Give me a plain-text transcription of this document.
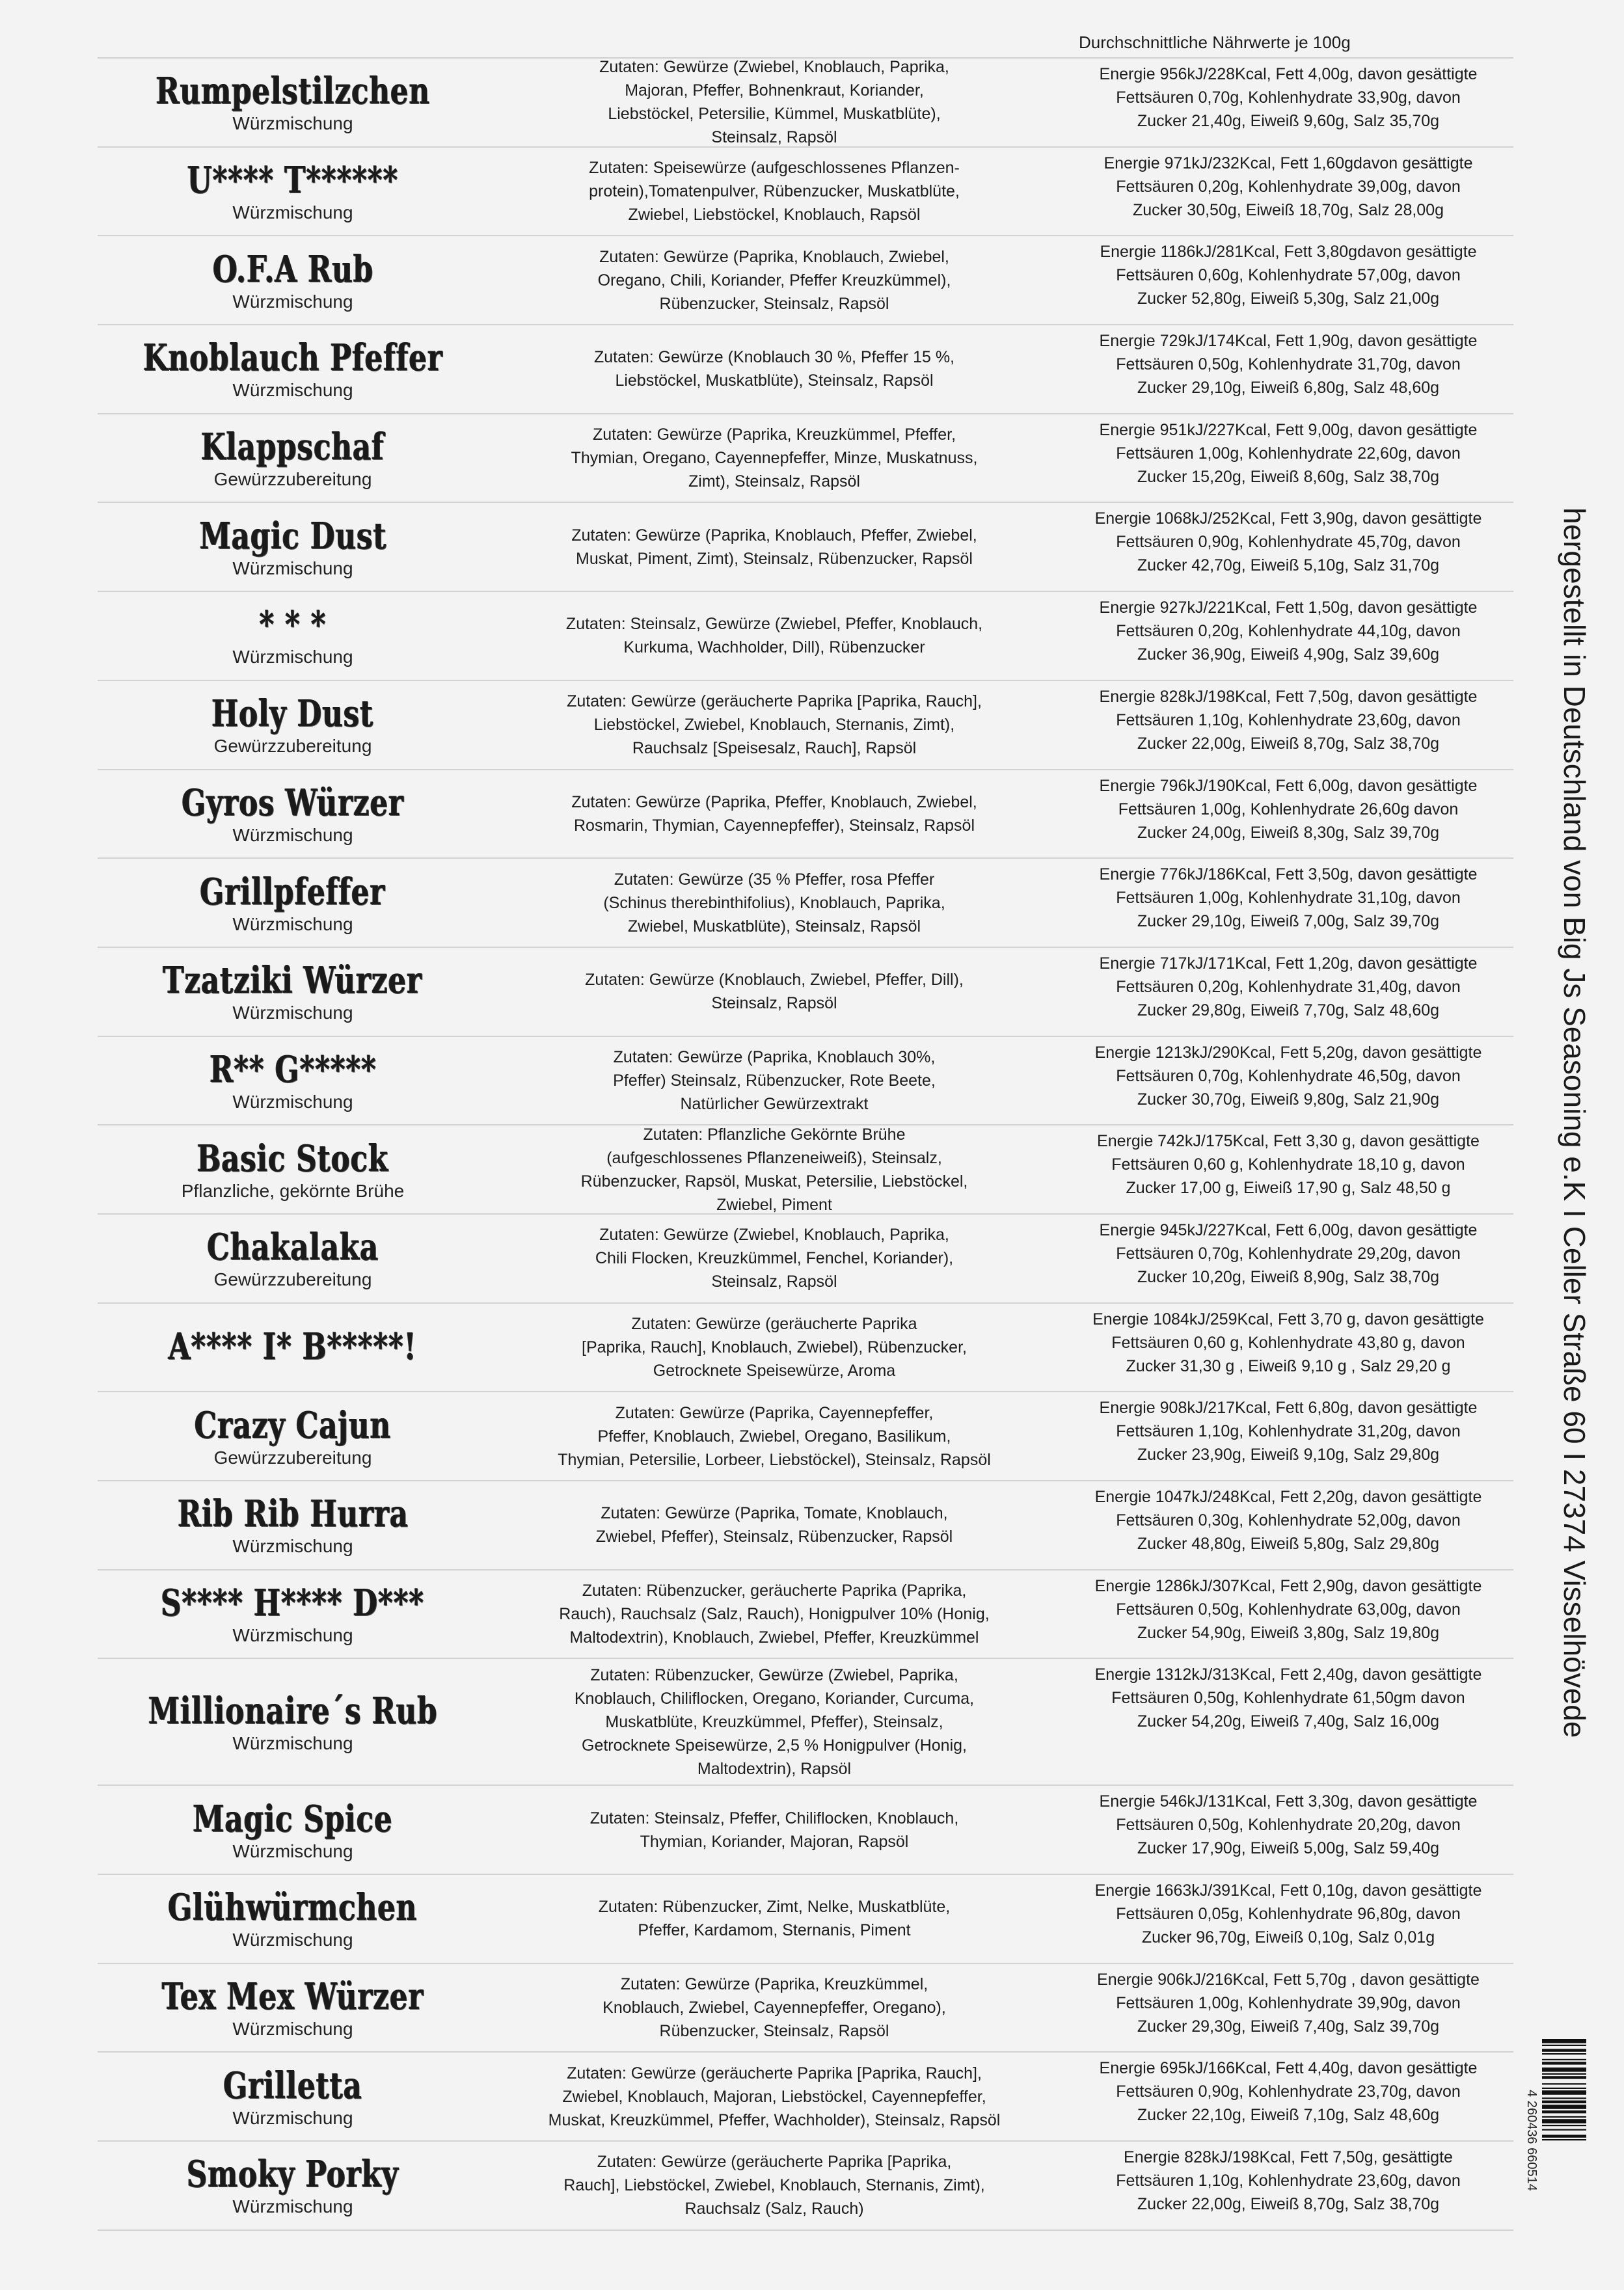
Durchschnittliche Nährwerte je 100g
Rumpelstilzchen
Würzmischung
Zutaten: Gewürze (Zwiebel, Knoblauch, Paprika,
Majoran, Pfeffer, Bohnenkraut, Koriander,
Liebstöckel, Petersilie, Kümmel, Muskatblüte),
Steinsalz, Rapsöl
Energie 956kJ/228Kcal, Fett 4,00g, davon gesättigte
Fettsäuren 0,70g, Kohlenhydrate 33,90g, davon
Zucker 21,40g, Eiweiß 9,60g, Salz 35,70g
U**** T******
Würzmischung
Zutaten: Speisewürze (aufgeschlossenes Pflanzen-
protein),Tomatenpulver, Rübenzucker, Muskatblüte,
Zwiebel, Liebstöckel, Knoblauch, Rapsöl
Energie 971kJ/232Kcal, Fett 1,60gdavon gesättigte
Fettsäuren 0,20g, Kohlenhydrate 39,00g, davon
Zucker 30,50g, Eiweiß 18,70g, Salz 28,00g
O.F.A Rub
Würzmischung
Zutaten: Gewürze (Paprika, Knoblauch, Zwiebel,
Oregano, Chili, Koriander, Pfeffer Kreuzkümmel),
Rübenzucker, Steinsalz, Rapsöl
Energie 1186kJ/281Kcal, Fett 3,80gdavon gesättigte
Fettsäuren 0,60g, Kohlenhydrate 57,00g, davon
Zucker 52,80g, Eiweiß 5,30g, Salz 21,00g
Knoblauch Pfeffer
Würzmischung
Zutaten: Gewürze (Knoblauch 30 %, Pfeffer 15 %,
Liebstöckel, Muskatblüte), Steinsalz, Rapsöl
Energie 729kJ/174Kcal, Fett 1,90g, davon gesättigte
Fettsäuren 0,50g, Kohlenhydrate 31,70g, davon
Zucker 29,10g, Eiweiß 6,80g, Salz 48,60g
Klappschaf
Gewürzzubereitung
Zutaten: Gewürze (Paprika, Kreuzkümmel, Pfeffer,
Thymian, Oregano, Cayennepfeffer, Minze, Muskatnuss,
Zimt), Steinsalz, Rapsöl
Energie 951kJ/227Kcal, Fett 9,00g, davon gesättigte
Fettsäuren 1,00g, Kohlenhydrate 22,60g, davon
Zucker 15,20g, Eiweiß 8,60g, Salz 38,70g
Magic Dust
Würzmischung
Zutaten: Gewürze (Paprika, Knoblauch, Pfeffer, Zwiebel,
Muskat, Piment, Zimt), Steinsalz, Rübenzucker, Rapsöl
Energie 1068kJ/252Kcal, Fett 3,90g, davon gesättigte
Fettsäuren 0,90g, Kohlenhydrate 45,70g, davon
Zucker 42,70g, Eiweiß 5,10g, Salz 31,70g
* * *
Würzmischung
Zutaten: Steinsalz, Gewürze (Zwiebel, Pfeffer, Knoblauch,
Kurkuma, Wachholder, Dill), Rübenzucker
Energie 927kJ/221Kcal, Fett 1,50g, davon gesättigte
Fettsäuren 0,20g, Kohlenhydrate 44,10g, davon
Zucker 36,90g, Eiweiß 4,90g, Salz 39,60g
Holy Dust
Gewürzzubereitung
Zutaten: Gewürze (geräucherte Paprika [Paprika, Rauch],
Liebstöckel, Zwiebel, Knoblauch, Sternanis, Zimt),
Rauchsalz [Speisesalz, Rauch], Rapsöl
Energie 828kJ/198Kcal, Fett 7,50g, davon gesättigte
Fettsäuren 1,10g, Kohlenhydrate 23,60g, davon
Zucker 22,00g, Eiweiß 8,70g, Salz 38,70g
Gyros Würzer
Würzmischung
Zutaten: Gewürze (Paprika, Pfeffer, Knoblauch, Zwiebel,
Rosmarin, Thymian, Cayennepfeffer), Steinsalz, Rapsöl
Energie 796kJ/190Kcal, Fett 6,00g, davon gesättigte
Fettsäuren 1,00g, Kohlenhydrate 26,60g davon
Zucker 24,00g, Eiweiß 8,30g, Salz 39,70g
Grillpfeffer
Würzmischung
Zutaten: Gewürze (35 % Pfeffer, rosa Pfeffer
(Schinus therebinthifolius), Knoblauch, Paprika,
Zwiebel, Muskatblüte), Steinsalz, Rapsöl
Energie 776kJ/186Kcal, Fett 3,50g, davon gesättigte
Fettsäuren 1,00g, Kohlenhydrate 31,10g, davon
Zucker 29,10g, Eiweiß 7,00g, Salz 39,70g
Tzatziki Würzer
Würzmischung
Zutaten: Gewürze (Knoblauch, Zwiebel, Pfeffer, Dill),
Steinsalz, Rapsöl
Energie 717kJ/171Kcal, Fett 1,20g, davon gesättigte
Fettsäuren 0,20g, Kohlenhydrate 31,40g, davon
Zucker 29,80g, Eiweiß 7,70g, Salz 48,60g
R** G*****
Würzmischung
Zutaten: Gewürze (Paprika, Knoblauch 30%,
Pfeffer) Steinsalz, Rübenzucker, Rote Beete,
Natürlicher Gewürzextrakt
Energie 1213kJ/290Kcal, Fett 5,20g, davon gesättigte
Fettsäuren 0,70g, Kohlenhydrate 46,50g, davon
Zucker 30,70g, Eiweiß 9,80g, Salz 21,90g
Basic Stock
Pflanzliche, gekörnte Brühe
Zutaten: Pflanzliche Gekörnte Brühe
(aufgeschlossenes Pflanzeneiweiß), Steinsalz,
Rübenzucker, Rapsöl, Muskat, Petersilie, Liebstöckel,
Zwiebel, Piment
Energie 742kJ/175Kcal, Fett 3,30 g, davon gesättigte
Fettsäuren 0,60 g, Kohlenhydrate 18,10 g, davon
Zucker 17,00 g, Eiweiß 17,90 g, Salz 48,50 g
Chakalaka
Gewürzzubereitung
Zutaten: Gewürze (Zwiebel, Knoblauch, Paprika,
Chili Flocken, Kreuzkümmel, Fenchel, Koriander),
Steinsalz, Rapsöl
Energie 945kJ/227Kcal, Fett 6,00g, davon gesättigte
Fettsäuren 0,70g, Kohlenhydrate 29,20g, davon
Zucker 10,20g, Eiweiß 8,90g, Salz 38,70g
A**** I* B*****!
Zutaten: Gewürze (geräucherte Paprika
[Paprika, Rauch], Knoblauch, Zwiebel), Rübenzucker,
Getrocknete Speisewürze, Aroma
Energie 1084kJ/259Kcal, Fett 3,70 g, davon gesättigte
Fettsäuren 0,60 g, Kohlenhydrate 43,80 g, davon
Zucker 31,30 g , Eiweiß 9,10 g , Salz 29,20 g
Crazy Cajun
Gewürzzubereitung
Zutaten: Gewürze (Paprika, Cayennepfeffer,
Pfeffer, Knoblauch, Zwiebel, Oregano, Basilikum,
Thymian, Petersilie, Lorbeer, Liebstöckel), Steinsalz, Rapsöl
Energie 908kJ/217Kcal, Fett 6,80g, davon gesättigte
Fettsäuren 1,10g, Kohlenhydrate 31,20g, davon
Zucker 23,90g, Eiweiß 9,10g, Salz 29,80g
Rib Rib Hurra
Würzmischung
Zutaten: Gewürze (Paprika, Tomate, Knoblauch,
Zwiebel, Pfeffer), Steinsalz, Rübenzucker, Rapsöl
Energie 1047kJ/248Kcal, Fett 2,20g, davon gesättigte
Fettsäuren 0,30g, Kohlenhydrate 52,00g, davon
Zucker 48,80g, Eiweiß 5,80g, Salz 29,80g
S**** H**** D***
Würzmischung
Zutaten: Rübenzucker, geräucherte Paprika (Paprika,
Rauch), Rauchsalz (Salz, Rauch), Honigpulver 10% (Honig,
Maltodextrin), Knoblauch, Zwiebel, Pfeffer, Kreuzkümmel
Energie 1286kJ/307Kcal, Fett 2,90g, davon gesättigte
Fettsäuren 0,50g, Kohlenhydrate 63,00g, davon
Zucker 54,90g, Eiweiß 3,80g, Salz 19,80g
Millionaire´s Rub
Würzmischung
Zutaten: Rübenzucker, Gewürze (Zwiebel, Paprika,
Knoblauch, Chiliflocken, Oregano, Koriander, Curcuma,
Muskatblüte, Kreuzkümmel, Pfeffer), Steinsalz,
Getrocknete Speisewürze, 2,5 % Honigpulver (Honig,
Maltodextrin), Rapsöl
Energie 1312kJ/313Kcal, Fett 2,40g, davon gesättigte
Fettsäuren 0,50g, Kohlenhydrate 61,50gm davon
Zucker 54,20g, Eiweiß 7,40g, Salz 16,00g
Magic Spice
Würzmischung
Zutaten: Steinsalz, Pfeffer, Chiliflocken, Knoblauch,
Thymian, Koriander, Majoran, Rapsöl
Energie 546kJ/131Kcal, Fett 3,30g, davon gesättigte
Fettsäuren 0,50g, Kohlenhydrate 20,20g, davon
Zucker 17,90g, Eiweiß 5,00g, Salz 59,40g
Glühwürmchen
Würzmischung
Zutaten: Rübenzucker, Zimt, Nelke, Muskatblüte,
Pfeffer, Kardamom, Sternanis, Piment
Energie 1663kJ/391Kcal, Fett 0,10g, davon gesättigte
Fettsäuren 0,05g, Kohlenhydrate 96,80g, davon
Zucker 96,70g, Eiweiß 0,10g, Salz 0,01g
Tex Mex Würzer
Würzmischung
Zutaten: Gewürze (Paprika, Kreuzkümmel,
Knoblauch, Zwiebel, Cayennepfeffer, Oregano),
Rübenzucker, Steinsalz, Rapsöl
Energie 906kJ/216Kcal, Fett 5,70g , davon gesättigte
Fettsäuren 1,00g, Kohlenhydrate 39,90g, davon
Zucker 29,30g, Eiweiß 7,40g, Salz 39,70g
Grilletta
Würzmischung
Zutaten: Gewürze (geräucherte Paprika [Paprika, Rauch],
Zwiebel, Knoblauch, Majoran, Liebstöckel, Cayennepfeffer,
Muskat, Kreuzkümmel, Pfeffer, Wachholder), Steinsalz, Rapsöl
Energie 695kJ/166Kcal, Fett 4,40g, davon gesättigte
Fettsäuren 0,90g, Kohlenhydrate 23,70g, davon
Zucker 22,10g, Eiweiß 7,10g, Salz 48,60g
Smoky Porky
Würzmischung
Zutaten: Gewürze (geräucherte Paprika [Paprika,
Rauch], Liebstöckel, Zwiebel, Knoblauch, Sternanis, Zimt),
Rauchsalz (Salz, Rauch)
Energie 828kJ/198Kcal, Fett 7,50g, gesättigte
Fettsäuren 1,10g, Kohlenhydrate 23,60g, davon
Zucker 22,00g, Eiweiß 8,70g, Salz 38,70g
hergestellt in Deutschland von Big Js Seasoning e.K I Celler Straße 60 I 27374 Visselhövede
4 260436 660514
